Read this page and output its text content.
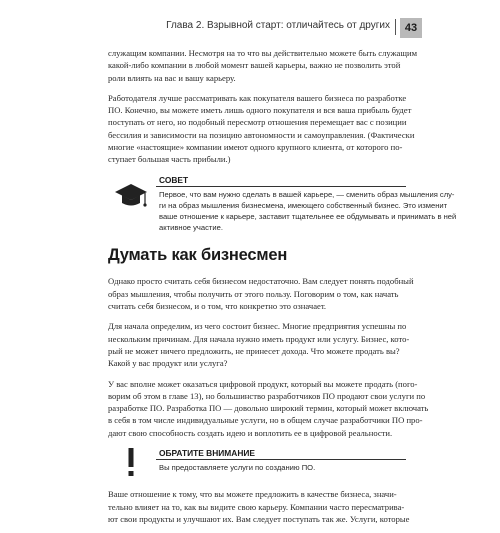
Глава 2. Взрывной старт: отличайтесь от других	43

служащим компании. Несмотря на то что вы действительно можете быть служащим
какой-либо компании в любой момент вашей карьеры, важно не позволить этой
роли влиять на вас и вашу карьеру.

Работодателя лучше рассматривать как покупателя вашего бизнеса по разработке
ПО. Конечно, вы можете иметь лишь одного покупателя и вся ваша прибыль будет
поступать от него, но подобный пересмотр отношения перемещает вас с позиции
бессилия и зависимости на позицию автономности и самоуправления. (Фактически
многие «настоящие» компании имеют одного крупного клиента, от которого по-
ступает большая часть прибыли.)

СОВЕТ
Первое, что вам нужно сделать в вашей карьере, — сменить образ мышления слу-
ги на образ мышления бизнесмена, имеющего собственный бизнес. Это изменит
ваше отношение к карьере, заставит тщательнее ее обдумывать и принимать в ней
активное участие.
Думать как бизнесмен

Однако просто считать себя бизнесом недостаточно. Вам следует понять подобный
образ мышления, чтобы получить от этого пользу. Поговорим о том, как начать
считать себя бизнесом, и о том, что конкретно это означает.

Для начала определим, из чего состоит бизнес. Многие предприятия успешны по
нескольким причинам. Для начала нужно иметь продукт или услугу. Бизнес, кото-
рый не может ничего предложить, не принесет дохода. Что можете продать вы?
Какой у вас продукт или услуга?

У вас вполне может оказаться цифровой продукт, который вы можете продать (пого-
ворим об этом в главе 13), но большинство разработчиков ПО продают свои услуги по
разработке ПО. Разработка ПО — довольно широкий термин, который может включать
в себя в том числе индивидуальные услуги, но в общем случае разработчики ПО про-
дают свою способность создать идею и воплотить ее в цифровой реальности.

ОБРАТИТЕ ВНИМАНИЕ
Вы предоставляете услуги по созданию ПО.

Ваше отношение к тому, что вы можете предложить в качестве бизнеса, значи-
тельно влияет на то, как вы видите свою карьеру. Компании часто пересматрива-
ют свои продукты и улучшают их. Вам следует поступать так же. Услуги, которые
